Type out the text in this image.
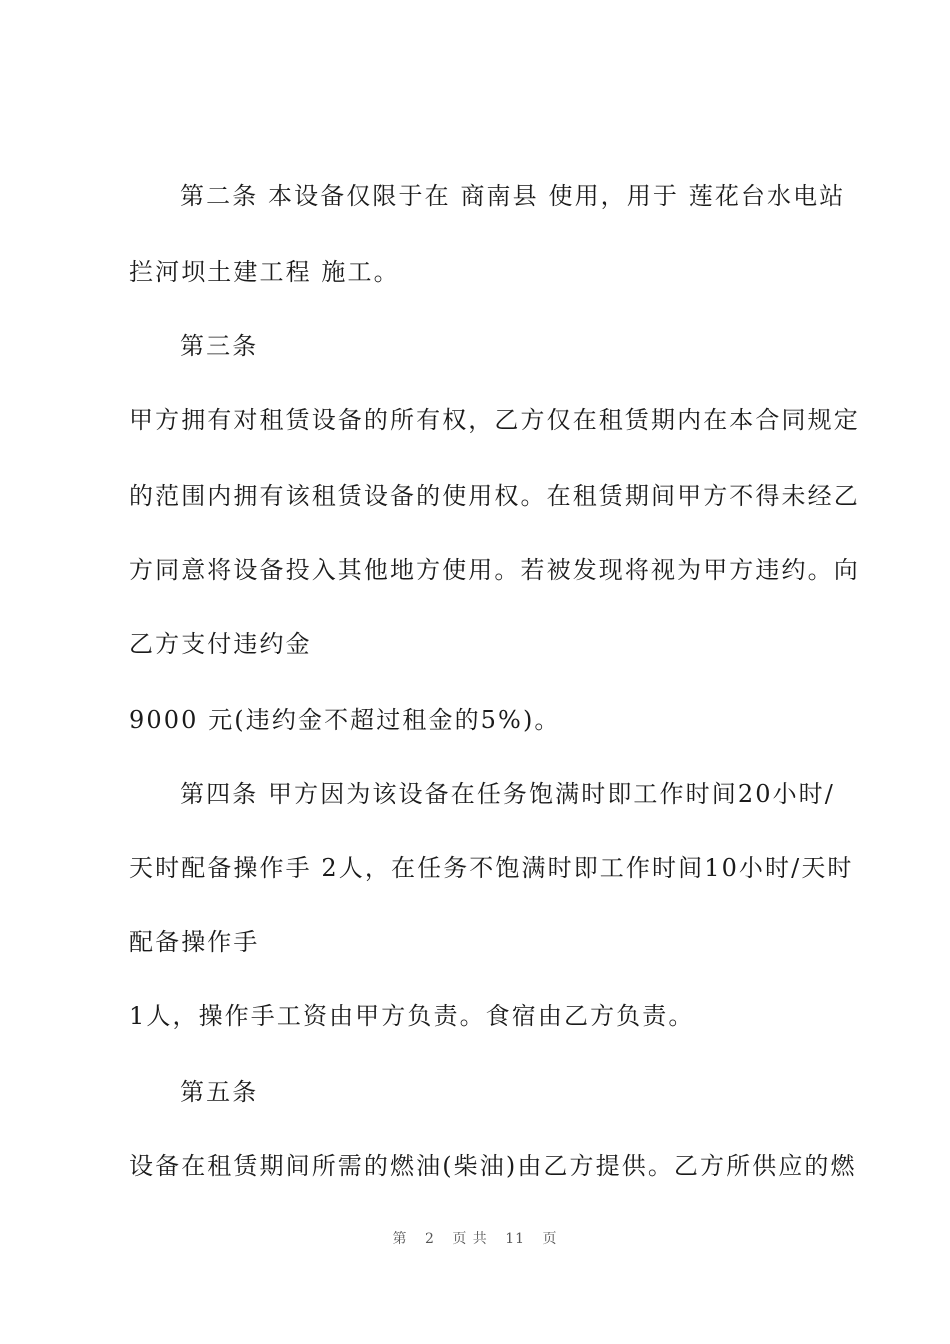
第二条 本设备仅限于在 商南县 使用，用于 莲花台水电站
拦河坝土建工程 施工。
第三条
甲方拥有对租赁设备的所有权，乙方仅在租赁期内在本合同规定
的范围内拥有该租赁设备的使用权。在租赁期间甲方不得未经乙
方同意将设备投入其他地方使用。若被发现将视为甲方违约。向
乙方支付违约金
9000 元(违约金不超过租金的5%)。
第四条 甲方因为该设备在任务饱满时即工作时间20小时/
天时配备操作手 2人，在任务不饱满时即工作时间10小时/天时
配备操作手
1人，操作手工资由甲方负责。食宿由乙方负责。
第五条
设备在租赁期间所需的燃油(柴油)由乙方提供。乙方所供应的燃
第 2 页 共 11 页
